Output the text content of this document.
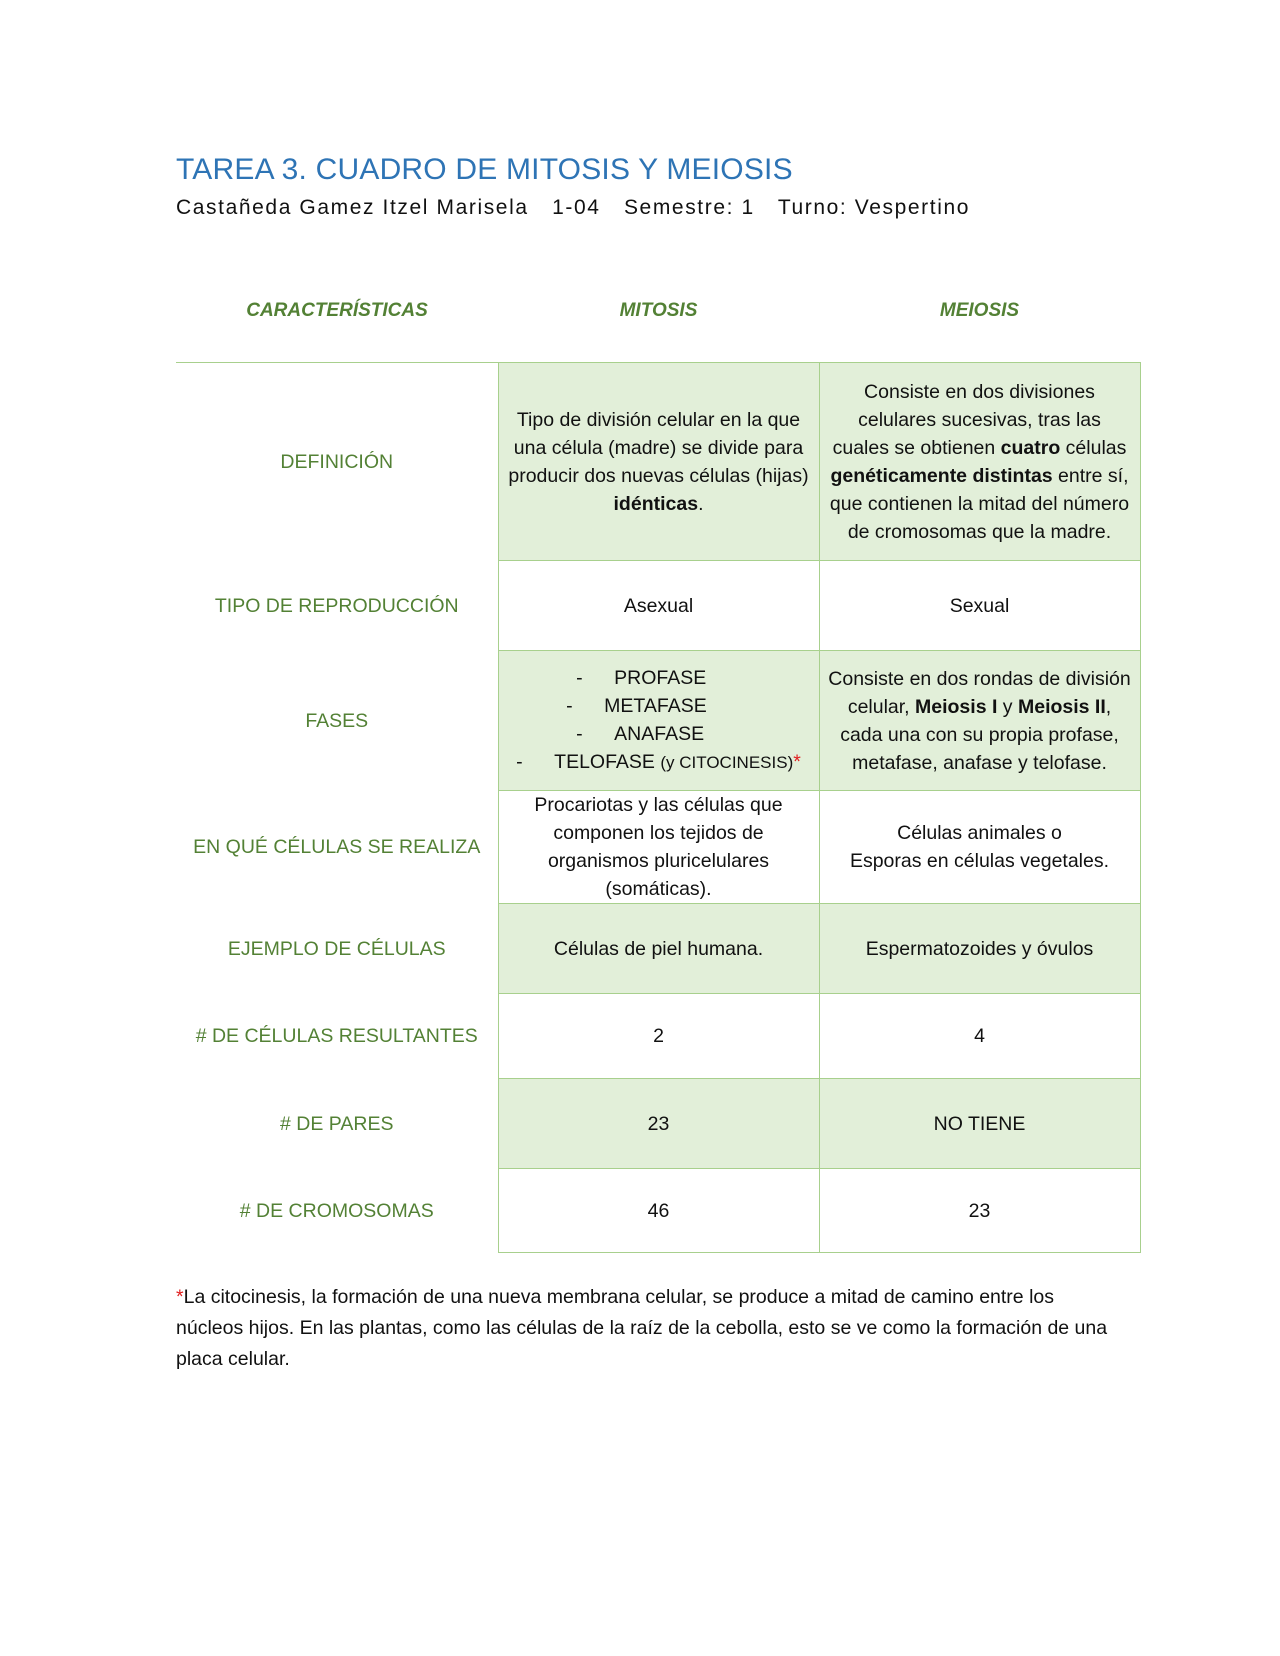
TAREA 3. CUADRO DE MITOSIS Y MEIOSIS
Castañeda Gamez Itzel Marisela 1-04 Semestre: 1 Turno: Vespertino
CARACTERÍSTICAS	MITOSIS	MEIOSIS
DEFINICIÓN	Tipo de división celular en la que una célula (madre) se divide para producir dos nuevas células (hijas) idénticas.	Consiste en dos divisiones celulares sucesivas, tras las cuales se obtienen cuatro células genéticamente distintas entre sí, que contienen la mitad del número de cromosomas que la madre.
TIPO DE REPRODUCCIÓN	Asexual	Sexual
FASES	- PROFASE
- METAFASE
- ANAFASE
- TELOFASE (y CITOCINESIS)*	Consiste en dos rondas de división celular, Meiosis I y Meiosis II, cada una con su propia profase, metafase, anafase y telofase.
EN QUÉ CÉLULAS SE REALIZA	Procariotas y las células que componen los tejidos de organismos pluricelulares (somáticas).	Células animales o
Esporas en células vegetales.

EJEMPLO DE CÉLULAS	Células de piel humana.	Espermatozoides y óvulos
# DE CÉLULAS RESULTANTES	2	4
# DE PARES	23	NO TIENE
# DE CROMOSOMAS	46	23

*La citocinesis, la formación de una nueva membrana celular, se produce a mitad de camino entre los núcleos hijos. En las plantas, como las células de la raíz de la cebolla, esto se ve como la formación de una placa celular.
